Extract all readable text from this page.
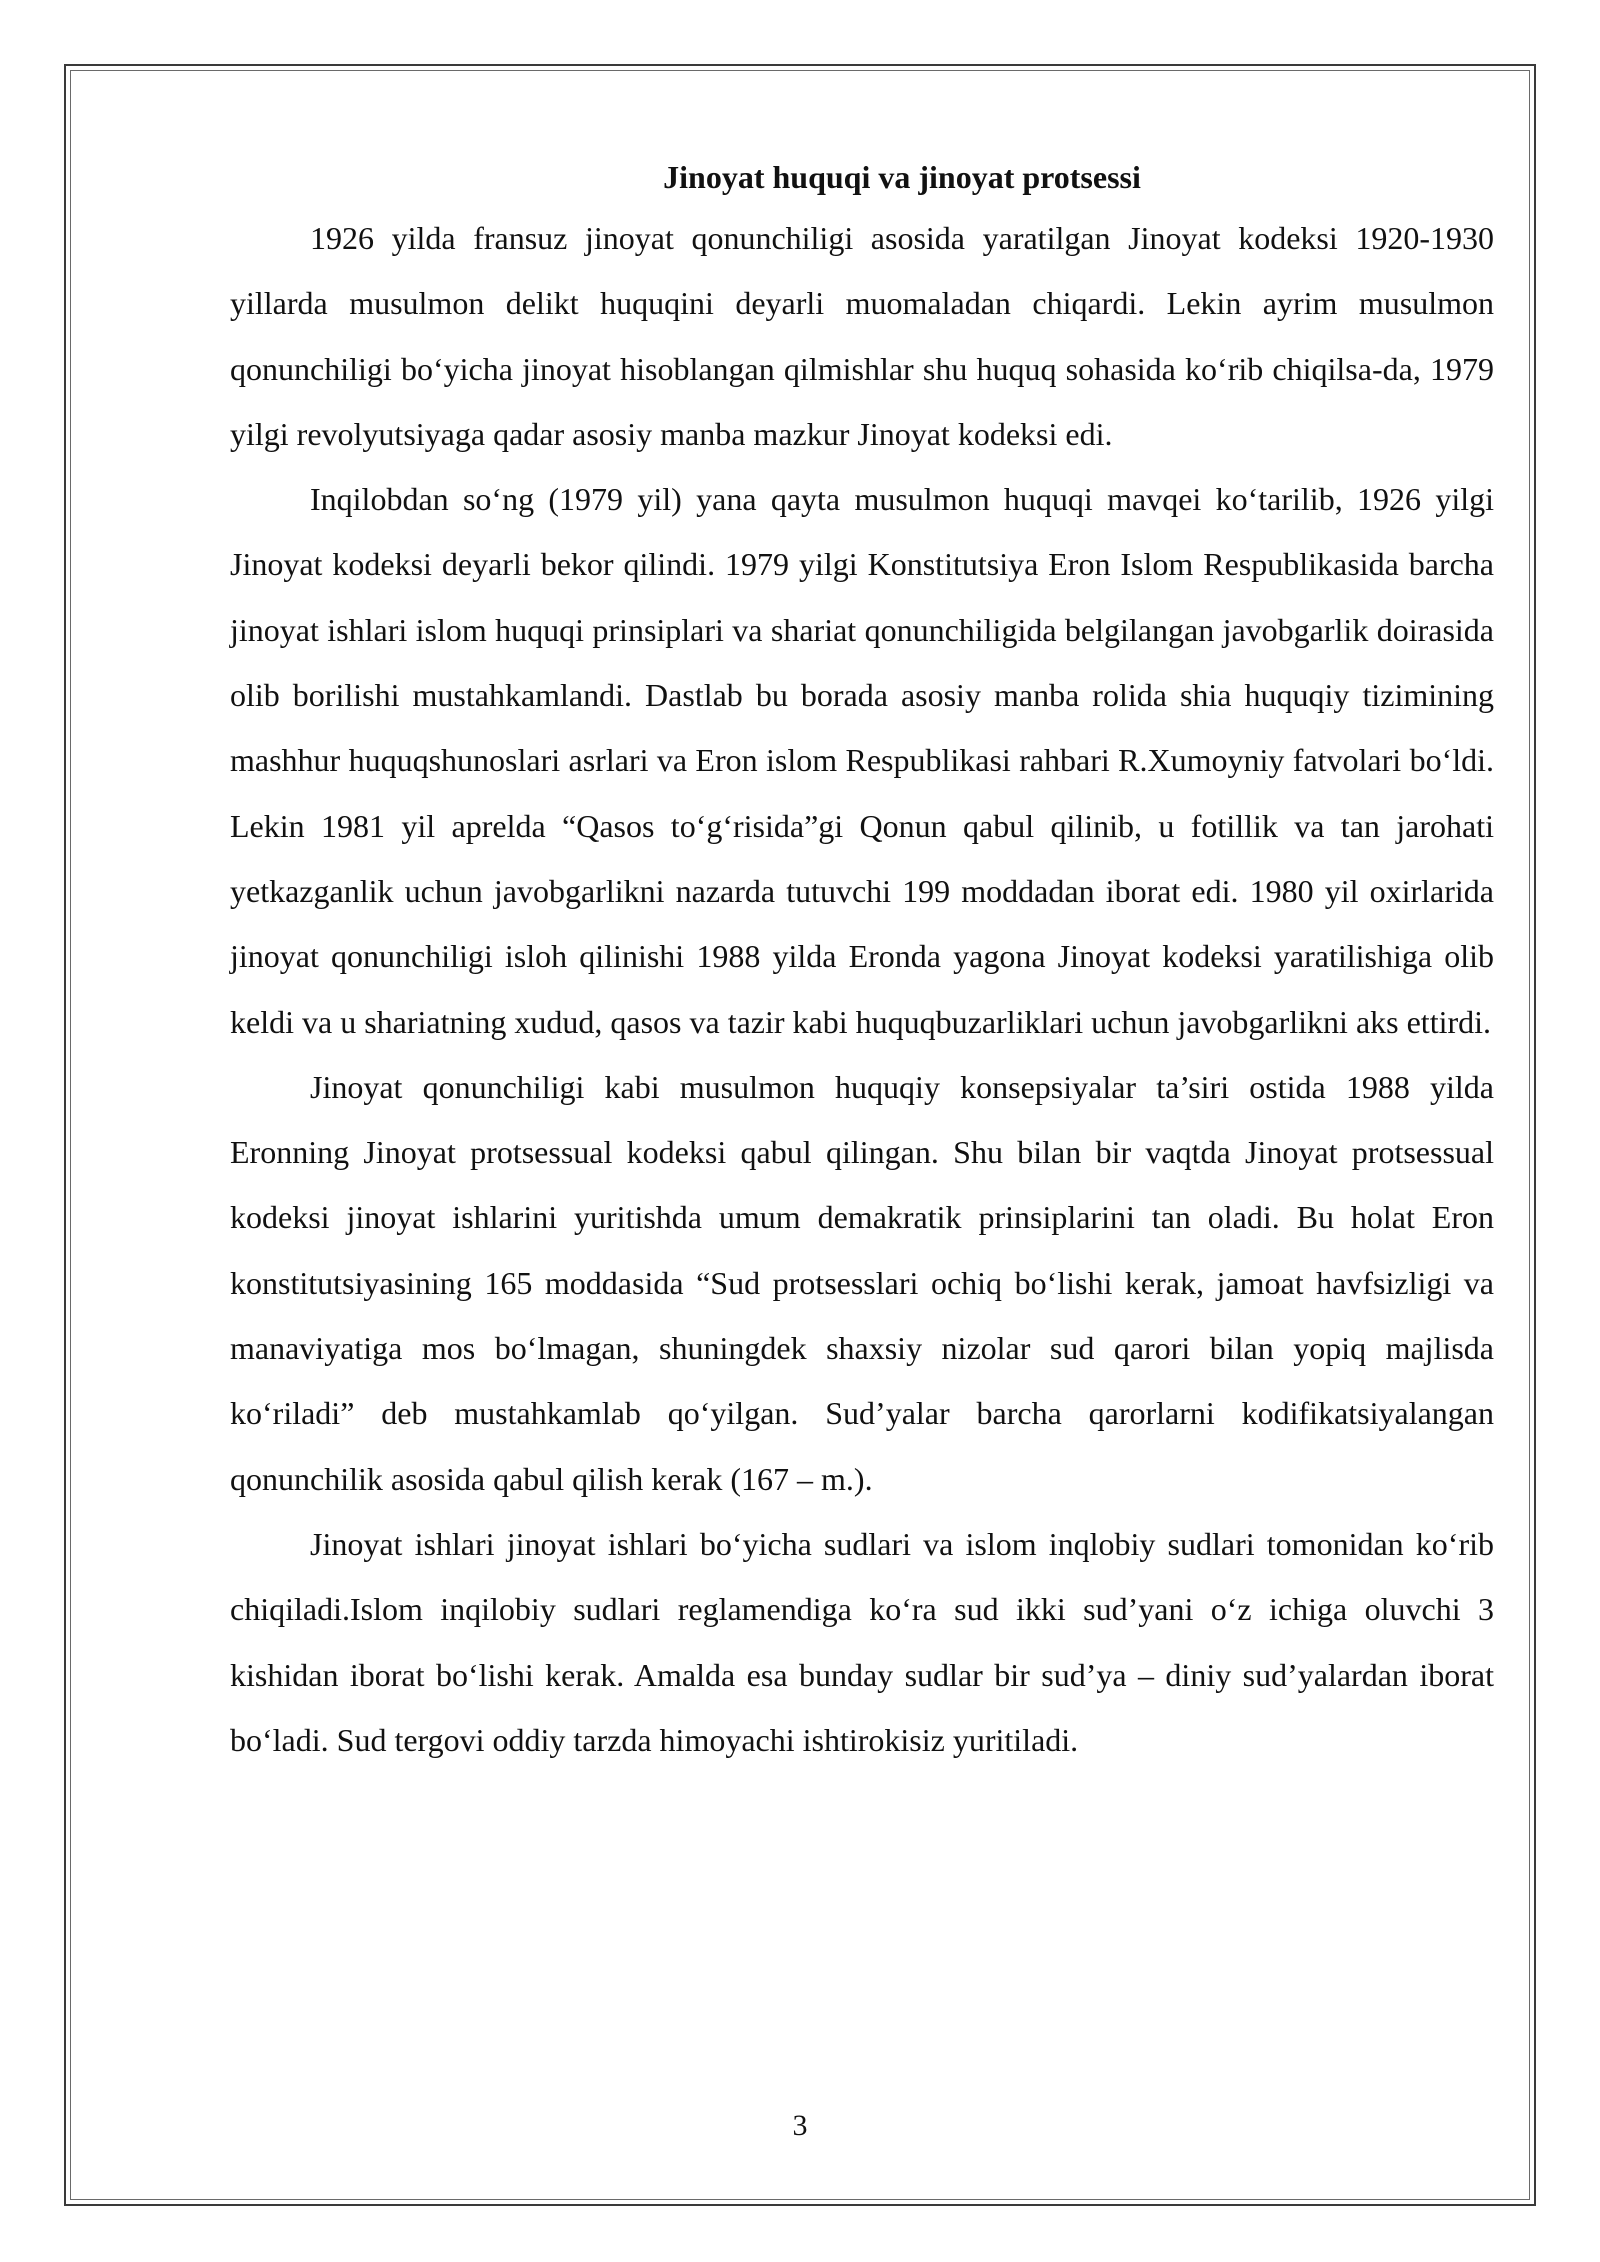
Jinoyat huquqi va jinoyat protsessi

1926 yilda fransuz jinoyat qonunchiligi asosida yaratilgan Jinoyat kodeksi 1920-1930 yillarda musulmon delikt huquqini deyarli muomaladan chiqardi. Lekin ayrim musulmon qonunchiligi bo‘yicha jinoyat hisoblangan qilmishlar shu huquq sohasida ko‘rib chiqilsa-da, 1979 yilgi revolyutsiyaga qadar asosiy manba mazkur Jinoyat kodeksi edi.

Inqilobdan so‘ng (1979 yil) yana qayta musulmon huquqi mavqei ko‘tarilib, 1926 yilgi Jinoyat kodeksi deyarli bekor qilindi. 1979 yilgi Konstitutsiya Eron Islom Respublikasida barcha jinoyat ishlari islom huquqi prinsiplari va shariat qonunchiligida belgilangan javobgarlik doirasida olib borilishi mustahkamlandi. Dastlab bu borada asosiy manba rolida shia huquqiy tizimining mashhur huquqshunoslari asrlari va Eron islom Respublikasi rahbari R.Xumoyniy fatvolari bo‘ldi. Lekin 1981 yil aprelda “Qasos to‘g‘risida”gi Qonun qabul qilinib, u fotillik va tan jarohati yetkazganlik uchun javobgarlikni nazarda tutuvchi 199 moddadan iborat edi. 1980 yil oxirlarida jinoyat qonunchiligi isloh qilinishi 1988 yilda Eronda yagona Jinoyat kodeksi yaratilishiga olib keldi va u shariatning xudud, qasos va tazir kabi huquqbuzarliklari uchun javobgarlikni aks ettirdi.

Jinoyat qonunchiligi kabi musulmon huquqiy konsepsiyalar ta’siri ostida 1988 yilda Eronning Jinoyat protsessual kodeksi qabul qilingan. Shu bilan bir vaqtda Jinoyat protsessual kodeksi jinoyat ishlarini yuritishda umum demakratik prinsiplarini tan oladi. Bu holat Eron konstitutsiyasining 165 moddasida “Sud protsesslari ochiq bo‘lishi kerak, jamoat havfsizligi va manaviyatiga mos bo‘lmagan, shuningdek shaxsiy nizolar sud qarori bilan yopiq majlisda ko‘riladi” deb mustahkamlab qo‘yilgan. Sud’yalar barcha qarorlarni kodifikatsiyalangan qonunchilik asosida qabul qilish kerak (167 – m.).

Jinoyat ishlari jinoyat ishlari bo‘yicha sudlari va islom inqlobiy sudlari tomonidan ko‘rib chiqiladi.Islom inqilobiy sudlari reglamendiga ko‘ra sud ikki sud’yani o‘z ichiga oluvchi 3 kishidan iborat bo‘lishi kerak. Amalda esa bunday sudlar bir sud’ya – diniy sud’yalardan iborat bo‘ladi. Sud tergovi oddiy tarzda himoyachi ishtirokisiz yuritiladi.

3
